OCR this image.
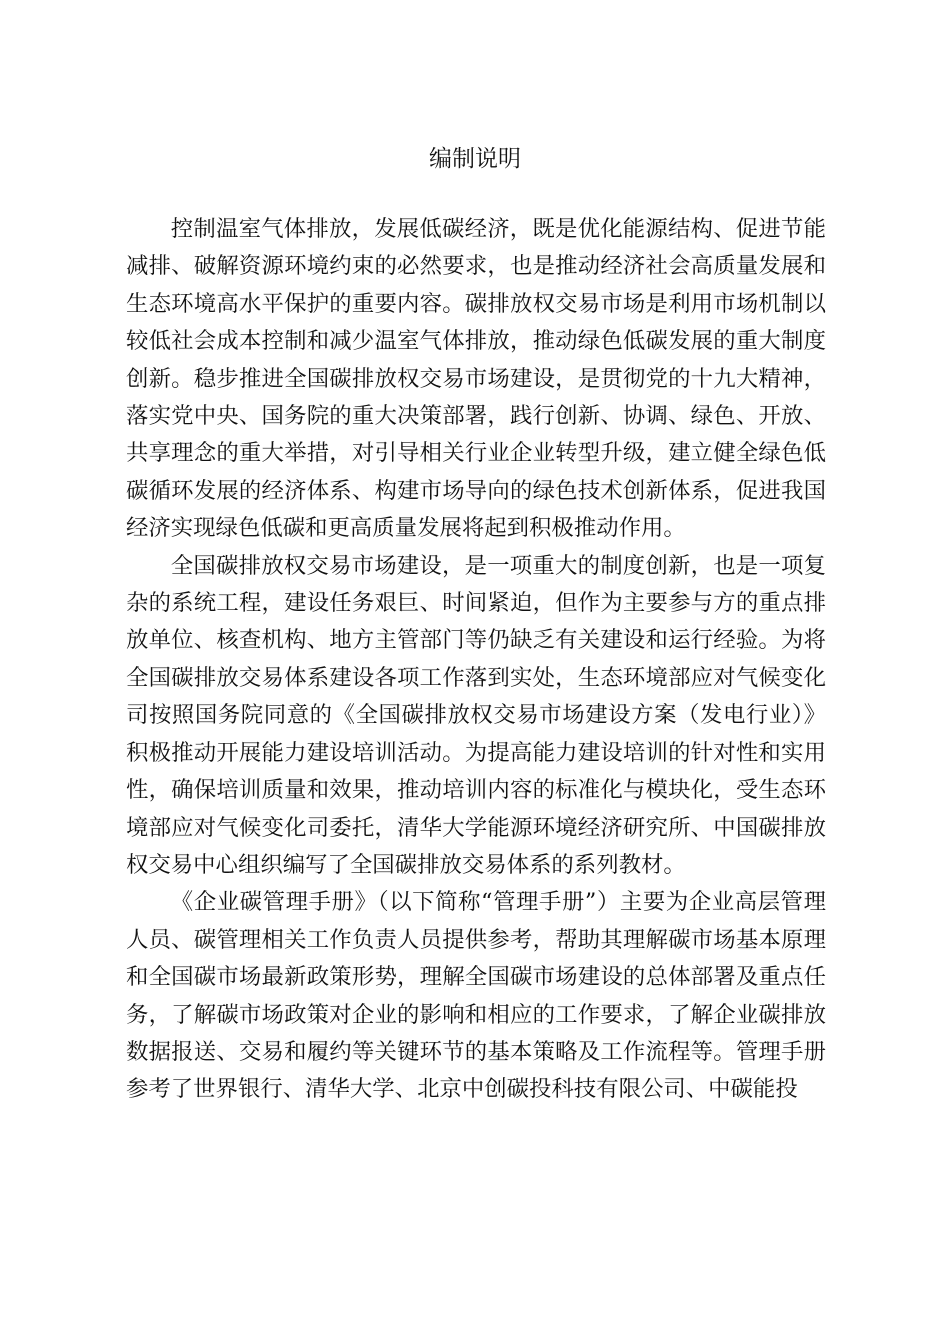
编制说明

控制温室气体排放，发展低碳经济，既是优化能源结构、促进节能减排、破解资源环境约束的必然要求，也是推动经济社会高质量发展和生态环境高水平保护的重要内容。碳排放权交易市场是利用市场机制以较低社会成本控制和减少温室气体排放，推动绿色低碳发展的重大制度创新。稳步推进全国碳排放权交易市场建设，是贯彻党的十九大精神，落实党中央、国务院的重大决策部署，践行创新、协调、绿色、开放、共享理念的重大举措，对引导相关行业企业转型升级，建立健全绿色低碳循环发展的经济体系、构建市场导向的绿色技术创新体系，促进我国经济实现绿色低碳和更高质量发展将起到积极推动作用。

全国碳排放权交易市场建设，是一项重大的制度创新，也是一项复杂的系统工程，建设任务艰巨、时间紧迫，但作为主要参与方的重点排放单位、核查机构、地方主管部门等仍缺乏有关建设和运行经验。为将全国碳排放交易体系建设各项工作落到实处，生态环境部应对气候变化司按照国务院同意的《全国碳排放权交易市场建设方案（发电行业）》积极推动开展能力建设培训活动。为提高能力建设培训的针对性和实用性，确保培训质量和效果，推动培训内容的标准化与模块化，受生态环境部应对气候变化司委托，清华大学能源环境经济研究所、中国碳排放权交易中心组织编写了全国碳排放交易体系的系列教材。

《企业碳管理手册》（以下简称“管理手册”）主要为企业高层管理人员、碳管理相关工作负责人员提供参考，帮助其理解碳市场基本原理和全国碳市场最新政策形势，理解全国碳市场建设的总体部署及重点任务，了解碳市场政策对企业的影响和相应的工作要求，了解企业碳排放数据报送、交易和履约等关键环节的基本策略及工作流程等。管理手册参考了世界银行、清华大学、北京中创碳投科技有限公司、中碳能投
